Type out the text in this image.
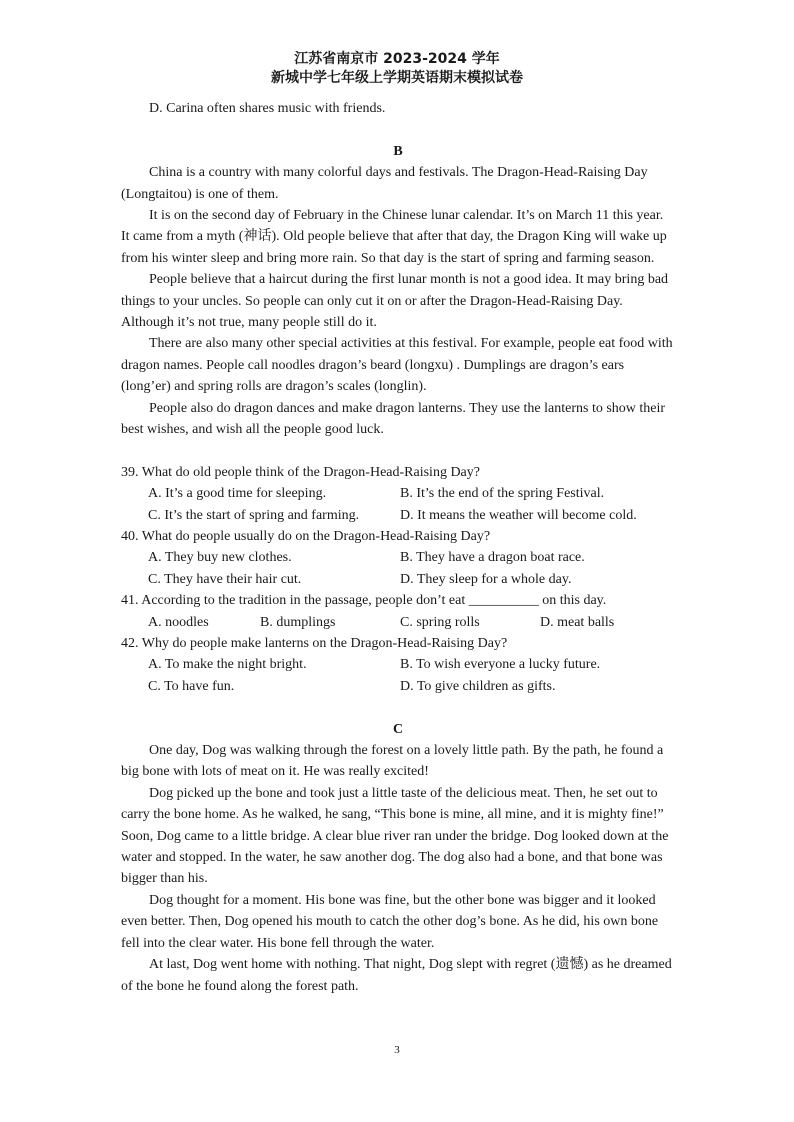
江苏省南京市 2023-2024 学年
新城中学七年级上学期英语期末模拟试卷

D. Carina often shares music with friends.

B

China is a country with many colorful days and festivals. The Dragon-Head-Raising Day (Longtaitou) is one of them.

It is on the second day of February in the Chinese lunar calendar. It’s on March 11 this year. It came from a myth (神话). Old people believe that after that day, the Dragon King will wake up from his winter sleep and bring more rain. So that day is the start of spring and farming season.

People believe that a haircut during the first lunar month is not a good idea. It may bring bad things to your uncles. So people can only cut it on or after the Dragon-Head-Raising Day. Although it’s not true, many people still do it.

There are also many other special activities at this festival. For example, people eat food with dragon names. People call noodles dragon’s beard (longxu) . Dumplings are dragon’s ears (long’er) and spring rolls are dragon’s scales (longlin).

People also do dragon dances and make dragon lanterns. They use the lanterns to show their best wishes, and wish all the people good luck.

39. What do old people think of the Dragon-Head-Raising Day?

A. It’s a good time for sleeping.	B. It’s the end of the spring Festival.
C. It’s the start of spring and farming.	D. It means the weather will become cold.

40. What do people usually do on the Dragon-Head-Raising Day?

A. They buy new clothes.	B. They have a dragon boat race.
C. They have their hair cut.	D. They sleep for a whole day.

41. According to the tradition in the passage, people don’t eat __________ on this day.

A. noodles	B. dumplings	C. spring rolls	D. meat balls

42. Why do people make lanterns on the Dragon-Head-Raising Day?

A. To make the night bright.	B. To wish everyone a lucky future.
C. To have fun.	D. To give children as gifts.

C

One day, Dog was walking through the forest on a lovely little path. By the path, he found a big bone with lots of meat on it. He was really excited!

Dog picked up the bone and took just a little taste of the delicious meat. Then, he set out to carry the bone home. As he walked, he sang, “This bone is mine, all mine, and it is mighty fine!” Soon, Dog came to a little bridge. A clear blue river ran under the bridge. Dog looked down at the water and stopped. In the water, he saw another dog. The dog also had a bone, and that bone was bigger than his.

Dog thought for a moment. His bone was fine, but the other bone was bigger and it looked even better. Then, Dog opened his mouth to catch the other dog’s bone. As he did, his own bone fell into the clear water. His bone fell through the water.

At last, Dog went home with nothing. That night, Dog slept with regret (遗憾) as he dreamed of the bone he found along the forest path.

3
